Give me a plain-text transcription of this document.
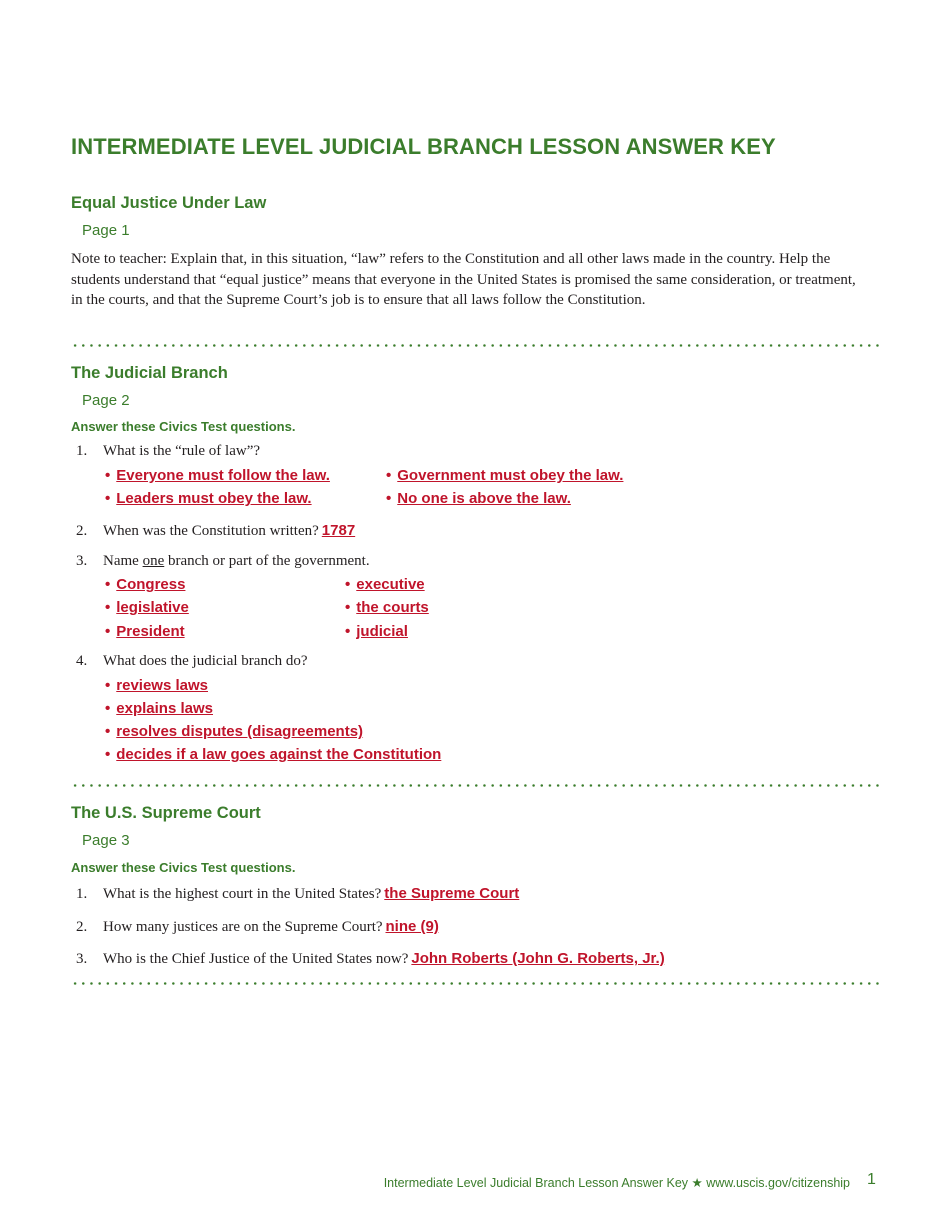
INTERMEDIATE LEVEL JUDICIAL BRANCH LESSON ANSWER KEY
Equal Justice Under Law
Page 1

Note to teacher: Explain that, in this situation, “law” refers to the Constitution and all other laws made in the country. Help the students understand that “equal justice” means that everyone in the United States is promised the same consideration, or treatment, in the courts, and that the Supreme Court’s job is to ensure that all laws follow the Constitution.

The Judicial Branch
Page 2
Answer these Civics Test questions.
1. What is the “rule of law”?
• Everyone must follow the law.	• Government must obey the law.
• Leaders must obey the law.	• No one is above the law.
2. When was the Constitution written? 1787
3. Name one branch or part of the government.
• Congress	• executive
• legislative	• the courts
• President	• judicial
4. What does the judicial branch do?
• reviews laws
• explains laws
• resolves disputes (disagreements)
• decides if a law goes against the Constitution
The U.S. Supreme Court
Page 3
Answer these Civics Test questions.
1. What is the highest court in the United States? the Supreme Court
2. How many justices are on the Supreme Court? nine (9)
3. Who is the Chief Justice of the United States now? John Roberts (John G. Roberts, Jr.)
Intermediate Level Judicial Branch Lesson Answer Key ★ www.uscis.gov/citizenship 1
